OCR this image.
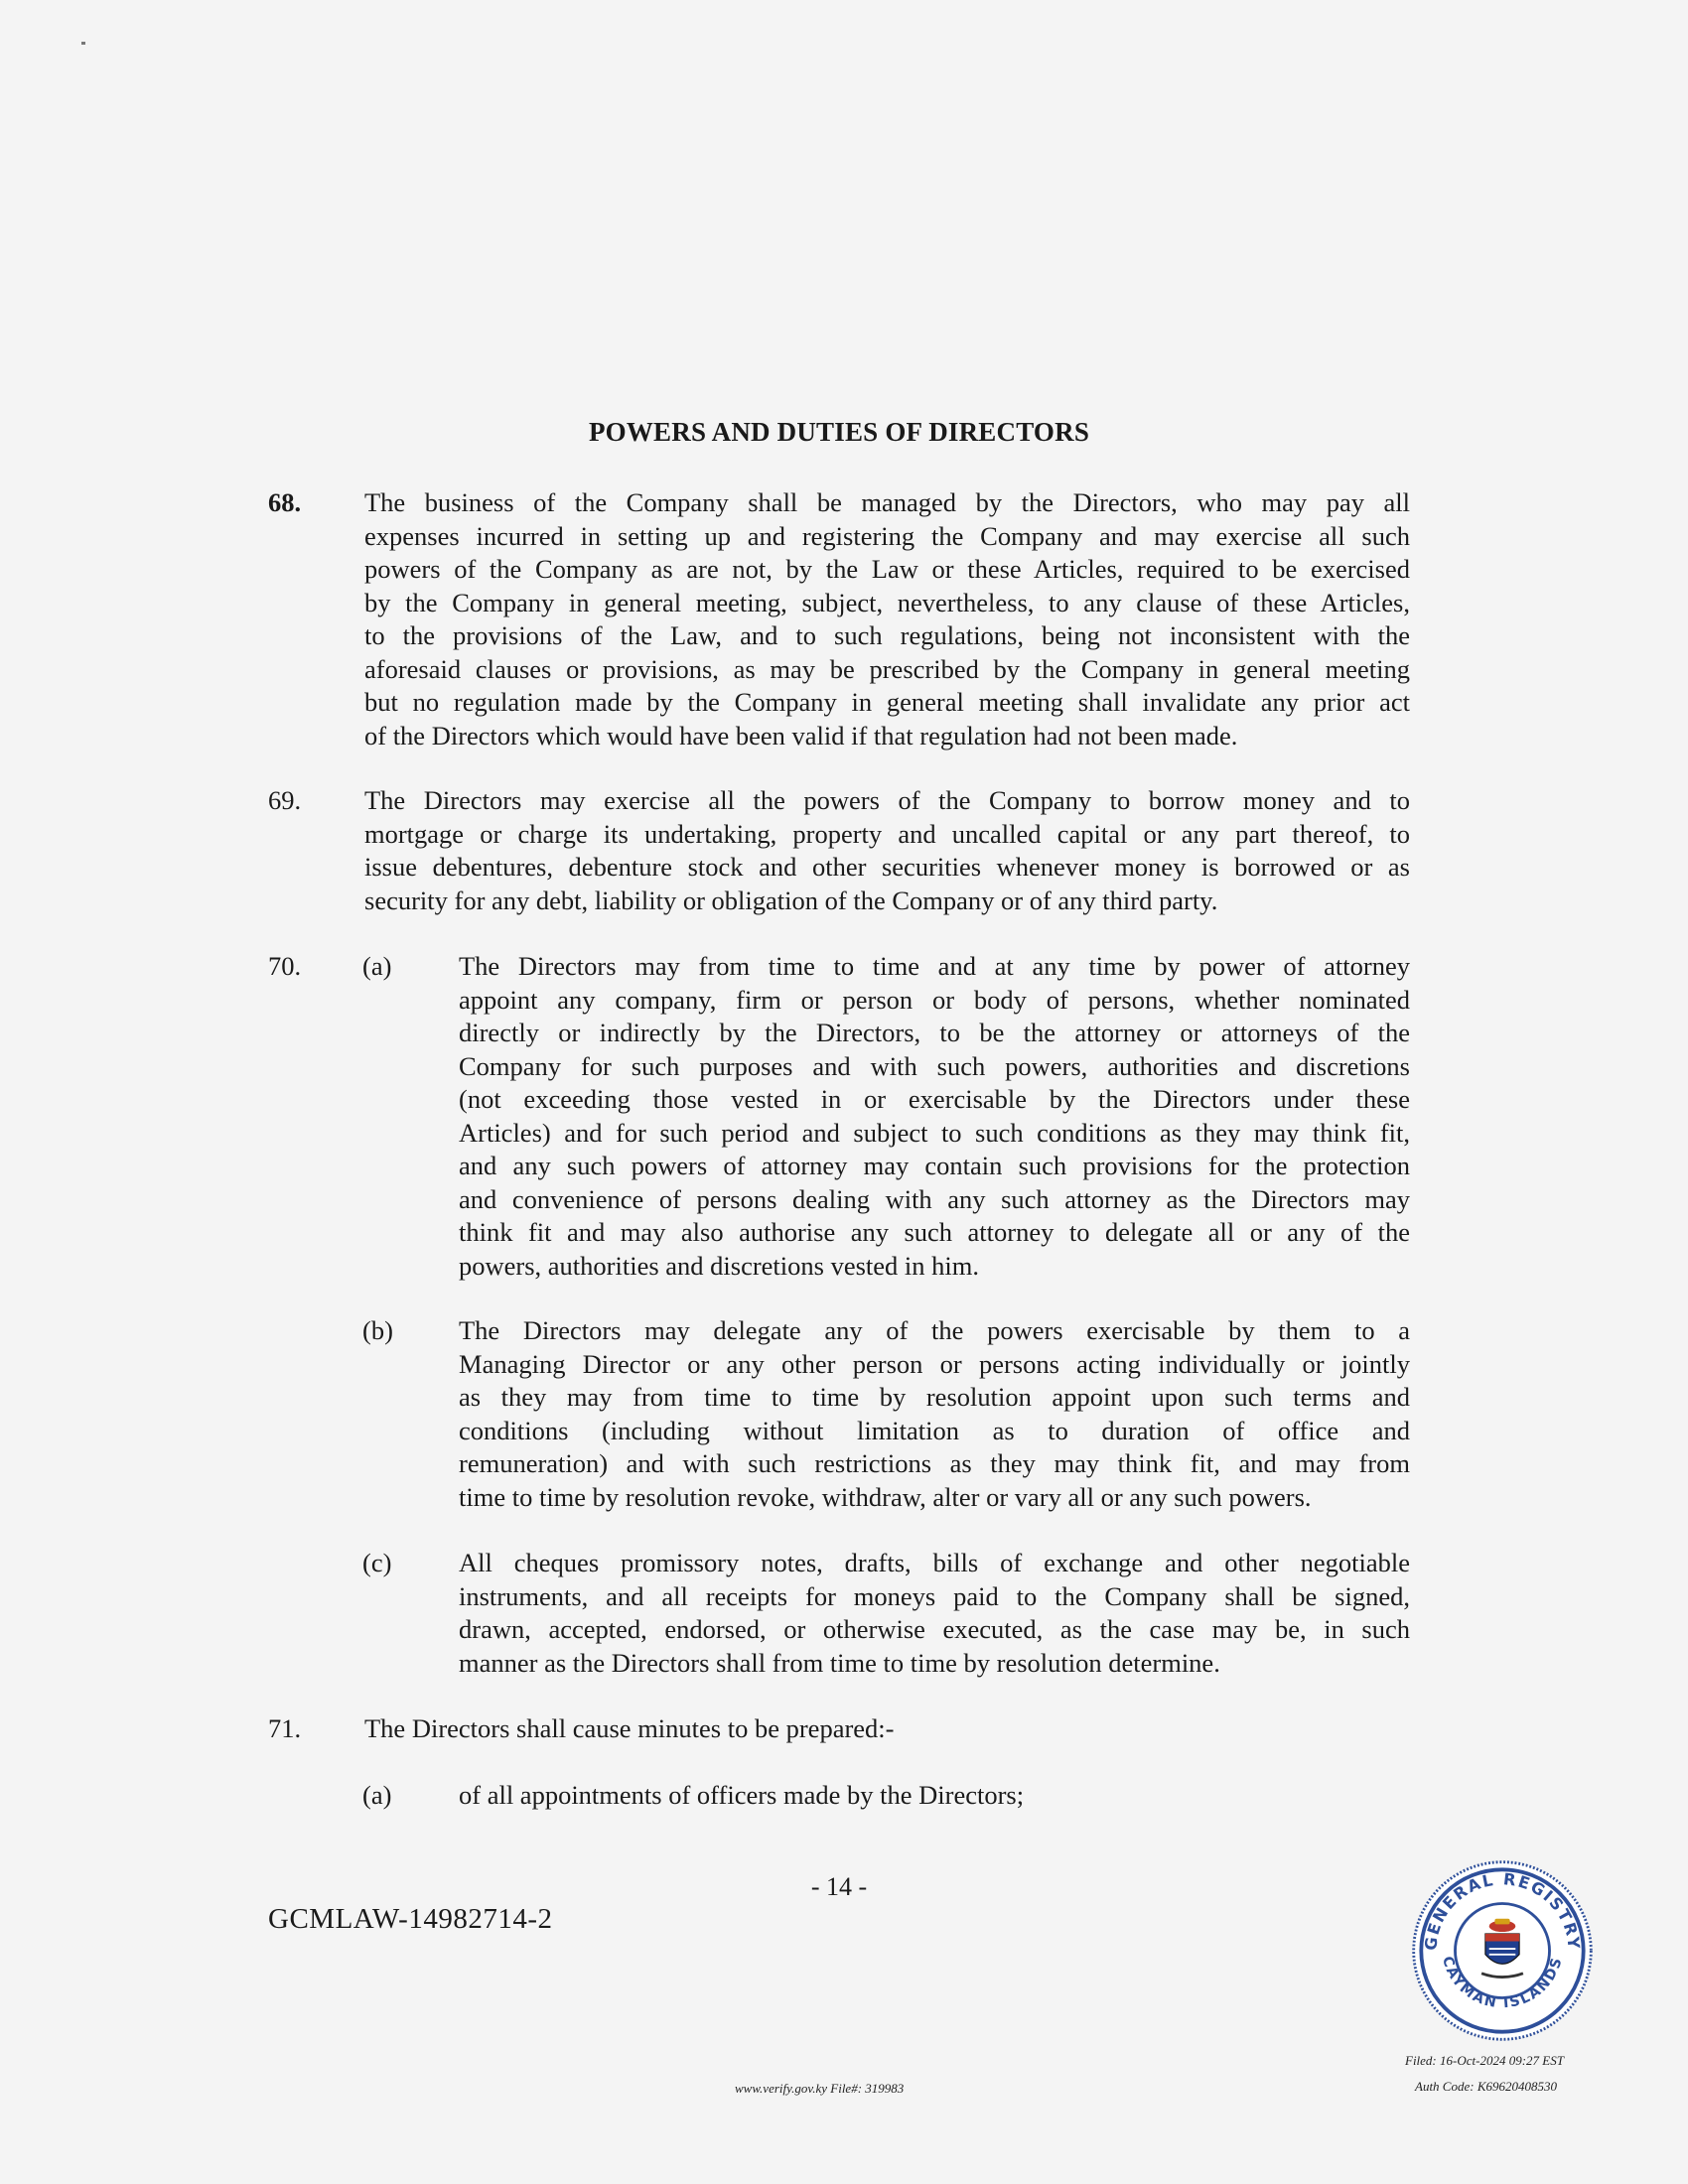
POWERS AND DUTIES OF DIRECTORS
68. The business of the Company shall be managed by the Directors, who may pay all
expenses incurred in setting up and registering the Company and may exercise all such
powers of the Company as are not, by the Law or these Articles, required to be exercised
by the Company in general meeting, subject, nevertheless, to any clause of these Articles,
to the provisions of the Law, and to such regulations, being not inconsistent with the
aforesaid clauses or provisions, as may be prescribed by the Company in general meeting
but no regulation made by the Company in general meeting shall invalidate any prior act
of the Directors which would have been valid if that regulation had not been made.
69. The Directors may exercise all the powers of the Company to borrow money and to
mortgage or charge its undertaking, property and uncalled capital or any part thereof, to
issue debentures, debenture stock and other securities whenever money is borrowed or as
security for any debt, liability or obligation of the Company or of any third party.
70. (a)	The Directors may from time to time and at any time by power of attorney
appoint any company, firm or person or body of persons, whether nominated
directly or indirectly by the Directors, to be the attorney or attorneys of the
Company for such purposes and with such powers, authorities and discretions
(not exceeding those vested in or exercisable by the Directors under these
Articles) and for such period and subject to such conditions as they may think fit,
and any such powers of attorney may contain such provisions for the protection
and convenience of persons dealing with any such attorney as the Directors may
think fit and may also authorise any such attorney to delegate all or any of the
powers, authorities and discretions vested in him.
(b) The Directors may delegate any of the powers exercisable by them to a
Managing Director or any other person or persons acting individually or jointly
as they may from time to time by resolution appoint upon such terms and
conditions (including without limitation as to duration of office and
remuneration) and with such restrictions as they may think fit, and may from
time to time by resolution revoke, withdraw, alter or vary all or any such powers.
(c)	All cheques promissory notes, drafts, bills of exchange and other negotiable
instruments, and all receipts for moneys paid to the Company shall be signed,
drawn, accepted, endorsed, or otherwise executed, as the case may be, in such
manner as the Directors shall from time to time by resolution determine.
71. The Directors shall cause minutes to be prepared:-
(a)	of all appointments of officers made by the Directors;
- 14 -
GCMLAW-14982714-2
www.verify.gov.ky File#: 319983
Filed: 16-Oct-2024 09:27 EST
Auth Code: K69620408530
GENERAL REGISTRY
CAYMAN ISLANDS
